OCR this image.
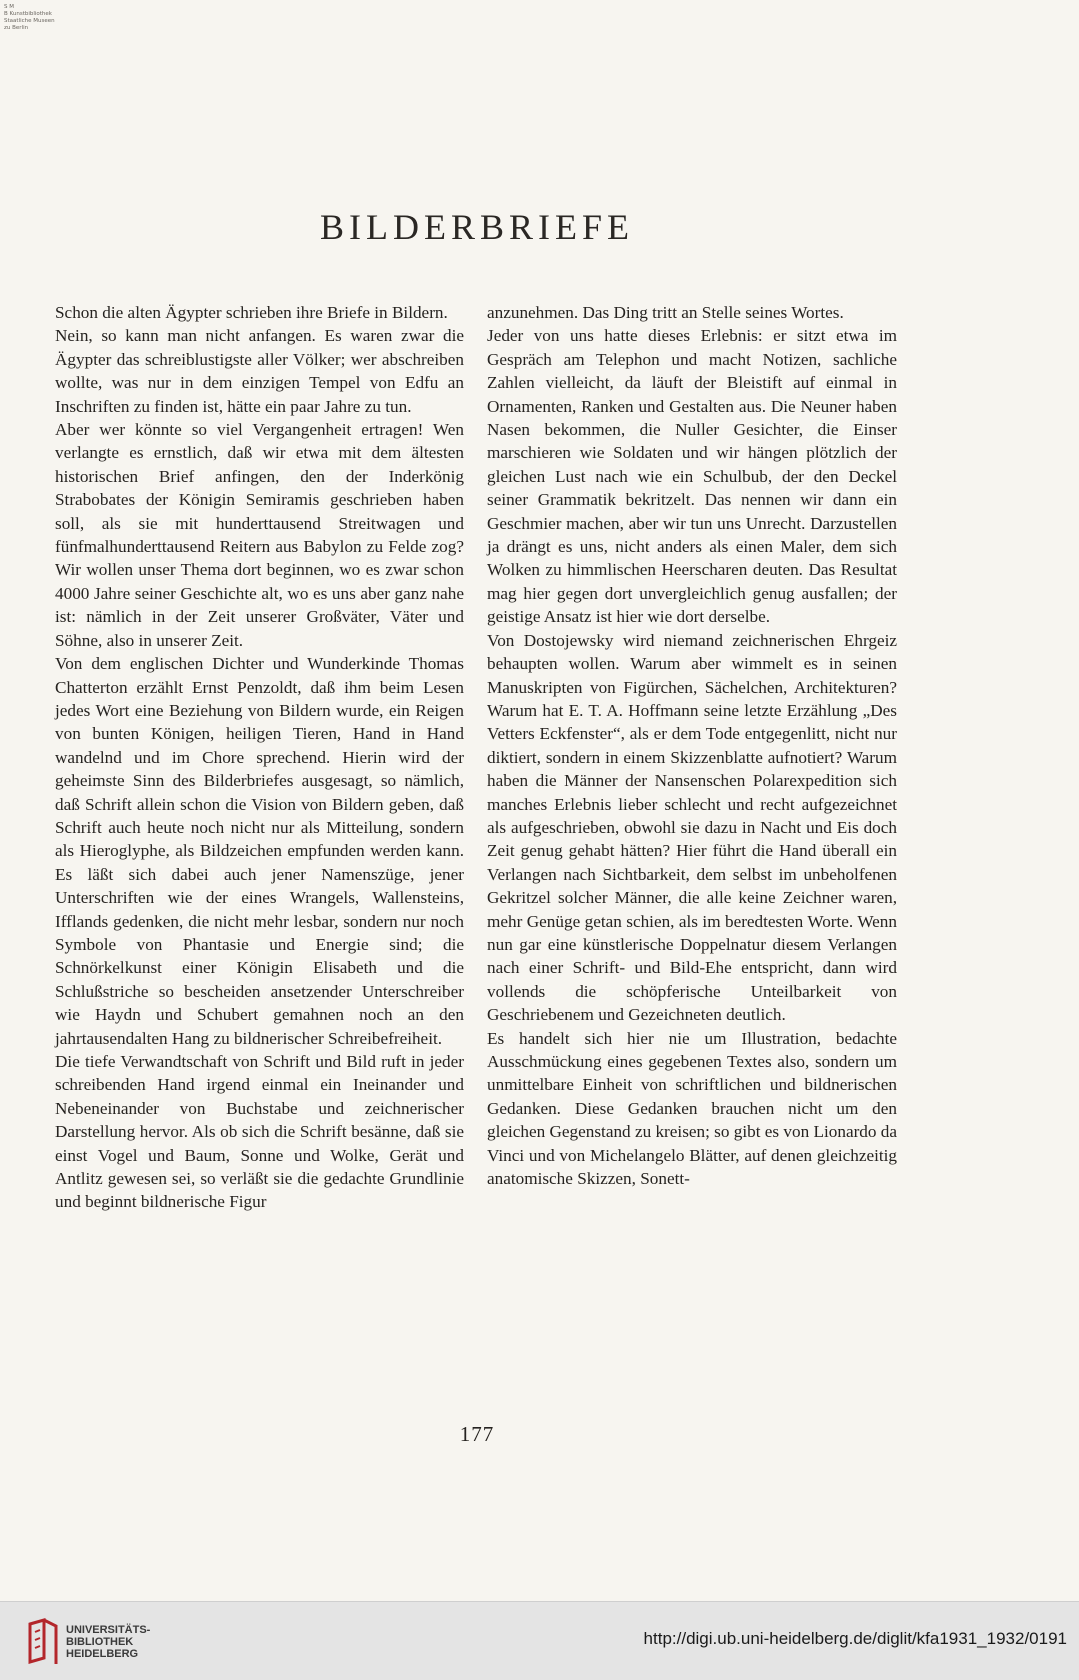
S M
B Kunstbibliothek
Staatliche Museen
zu Berlin
BILDERBRIEFE

Schon die alten Ägypter schrieben ihre Briefe in Bildern.

Nein, so kann man nicht anfangen. Es waren zwar die Ägypter das schreiblustigste aller Völker; wer abschreiben wollte, was nur in dem einzigen Tempel von Edfu an Inschriften zu finden ist, hätte ein paar Jahre zu tun.

Aber wer könnte so viel Vergangenheit ertragen! Wen verlangte es ernstlich, daß wir etwa mit dem ältesten historischen Brief anfingen, den der Inderkönig Strabobates der Königin Semiramis geschrieben haben soll, als sie mit hunderttausend Streitwagen und fünfmalhunderttausend Reitern aus Babylon zu Felde zog? Wir wollen unser Thema dort beginnen, wo es zwar schon 4000 Jahre seiner Geschichte alt, wo es uns aber ganz nahe ist: nämlich in der Zeit unserer Großväter, Väter und Söhne, also in unserer Zeit.

Von dem englischen Dichter und Wunderkinde Thomas Chatterton erzählt Ernst Penzoldt, daß ihm beim Lesen jedes Wort eine Beziehung von Bildern wurde, ein Reigen von bunten Königen, heiligen Tieren, Hand in Hand wandelnd und im Chore sprechend. Hierin wird der geheimste Sinn des Bilderbriefes ausgesagt, so nämlich, daß Schrift allein schon die Vision von Bildern geben, daß Schrift auch heute noch nicht nur als Mitteilung, sondern als Hieroglyphe, als Bildzeichen empfunden werden kann. Es läßt sich dabei auch jener Namenszüge, jener Unterschriften wie der eines Wrangels, Wallensteins, Ifflands gedenken, die nicht mehr lesbar, sondern nur noch Symbole von Phantasie und Energie sind; die Schnörkelkunst einer Königin Elisabeth und die Schlußstriche so bescheiden ansetzender Unterschreiber wie Haydn und Schubert gemahnen noch an den jahrtausendalten Hang zu bildnerischer Schreibefreiheit.

Die tiefe Verwandtschaft von Schrift und Bild ruft in jeder schreibenden Hand irgend einmal ein Ineinander und Nebeneinander von Buchstabe und zeichnerischer Darstellung hervor. Als ob sich die Schrift besänne, daß sie einst Vogel und Baum, Sonne und Wolke, Gerät und Antlitz gewesen sei, so verläßt sie die gedachte Grundlinie und beginnt bildnerische Figur

anzunehmen. Das Ding tritt an Stelle seines Wortes.

Jeder von uns hatte dieses Erlebnis: er sitzt etwa im Gespräch am Telephon und macht Notizen, sachliche Zahlen vielleicht, da läuft der Bleistift auf einmal in Ornamenten, Ranken und Gestalten aus. Die Neuner haben Nasen bekommen, die Nuller Gesichter, die Einser marschieren wie Soldaten und wir hängen plötzlich der gleichen Lust nach wie ein Schulbub, der den Deckel seiner Grammatik bekritzelt. Das nennen wir dann ein Geschmier machen, aber wir tun uns Unrecht. Darzustellen ja drängt es uns, nicht anders als einen Maler, dem sich Wolken zu himmlischen Heerscharen deuten. Das Resultat mag hier gegen dort unvergleichlich genug ausfallen; der geistige Ansatz ist hier wie dort derselbe.

Von Dostojewsky wird niemand zeichnerischen Ehrgeiz behaupten wollen. Warum aber wimmelt es in seinen Manuskripten von Figürchen, Sächelchen, Architekturen? Warum hat E. T. A. Hoffmann seine letzte Erzählung „Des Vetters Eckfenster“, als er dem Tode entgegenlitt, nicht nur diktiert, sondern in einem Skizzenblatte aufnotiert? Warum haben die Männer der Nansenschen Polarexpedition sich manches Erlebnis lieber schlecht und recht aufgezeichnet als aufgeschrieben, obwohl sie dazu in Nacht und Eis doch Zeit genug gehabt hätten? Hier führt die Hand überall ein Verlangen nach Sichtbarkeit, dem selbst im unbeholfenen Gekritzel solcher Männer, die alle keine Zeichner waren, mehr Genüge getan schien, als im beredtesten Worte. Wenn nun gar eine künstlerische Doppelnatur diesem Verlangen nach einer Schrift- und Bild-Ehe entspricht, dann wird vollends die schöpferische Unteilbarkeit von Geschriebenem und Gezeichneten deutlich.

Es handelt sich hier nie um Illustration, bedachte Ausschmückung eines gegebenen Textes also, sondern um unmittelbare Einheit von schriftlichen und bildnerischen Gedanken. Diese Gedanken brauchen nicht um den gleichen Gegenstand zu kreisen; so gibt es von Lionardo da Vinci und von Michelangelo Blätter, auf denen gleichzeitig anatomische Skizzen, Sonett-

177
UNIVERSITÄTS-
BIBLIOTHEK
HEIDELBERG
http://digi.ub.uni-heidelberg.de/diglit/kfa1931_1932/0191
